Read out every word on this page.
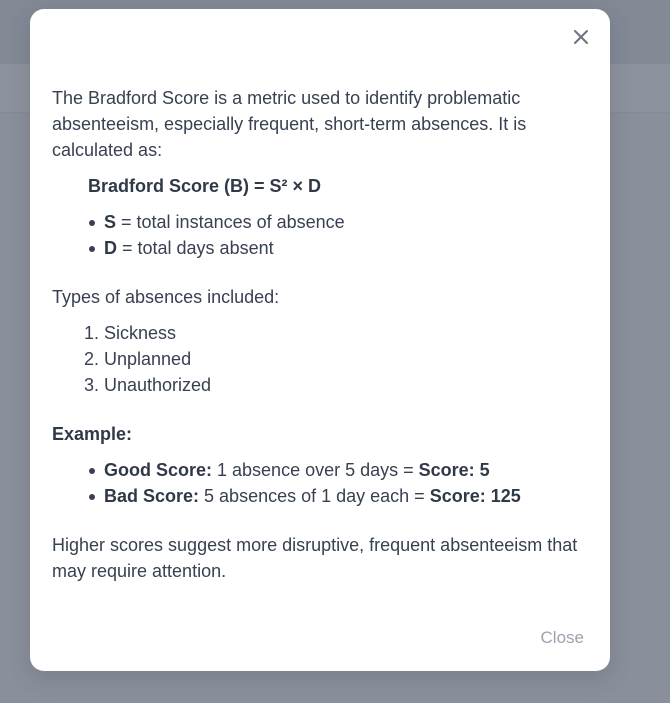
The Bradford Score is a metric used to identify problematic absenteeism, especially frequent, short-term absences. It is calculated as:

Bradford Score (B) = S² × D

S = total instances of absence
D = total days absent

Types of absences included:

1. Sickness
2. Unplanned
3. Unauthorized

Example:

Good Score: 1 absence over 5 days = Score: 5
Bad Score: 5 absences of 1 day each = Score: 125

Higher scores suggest more disruptive, frequent absenteeism that may require attention.

Close
